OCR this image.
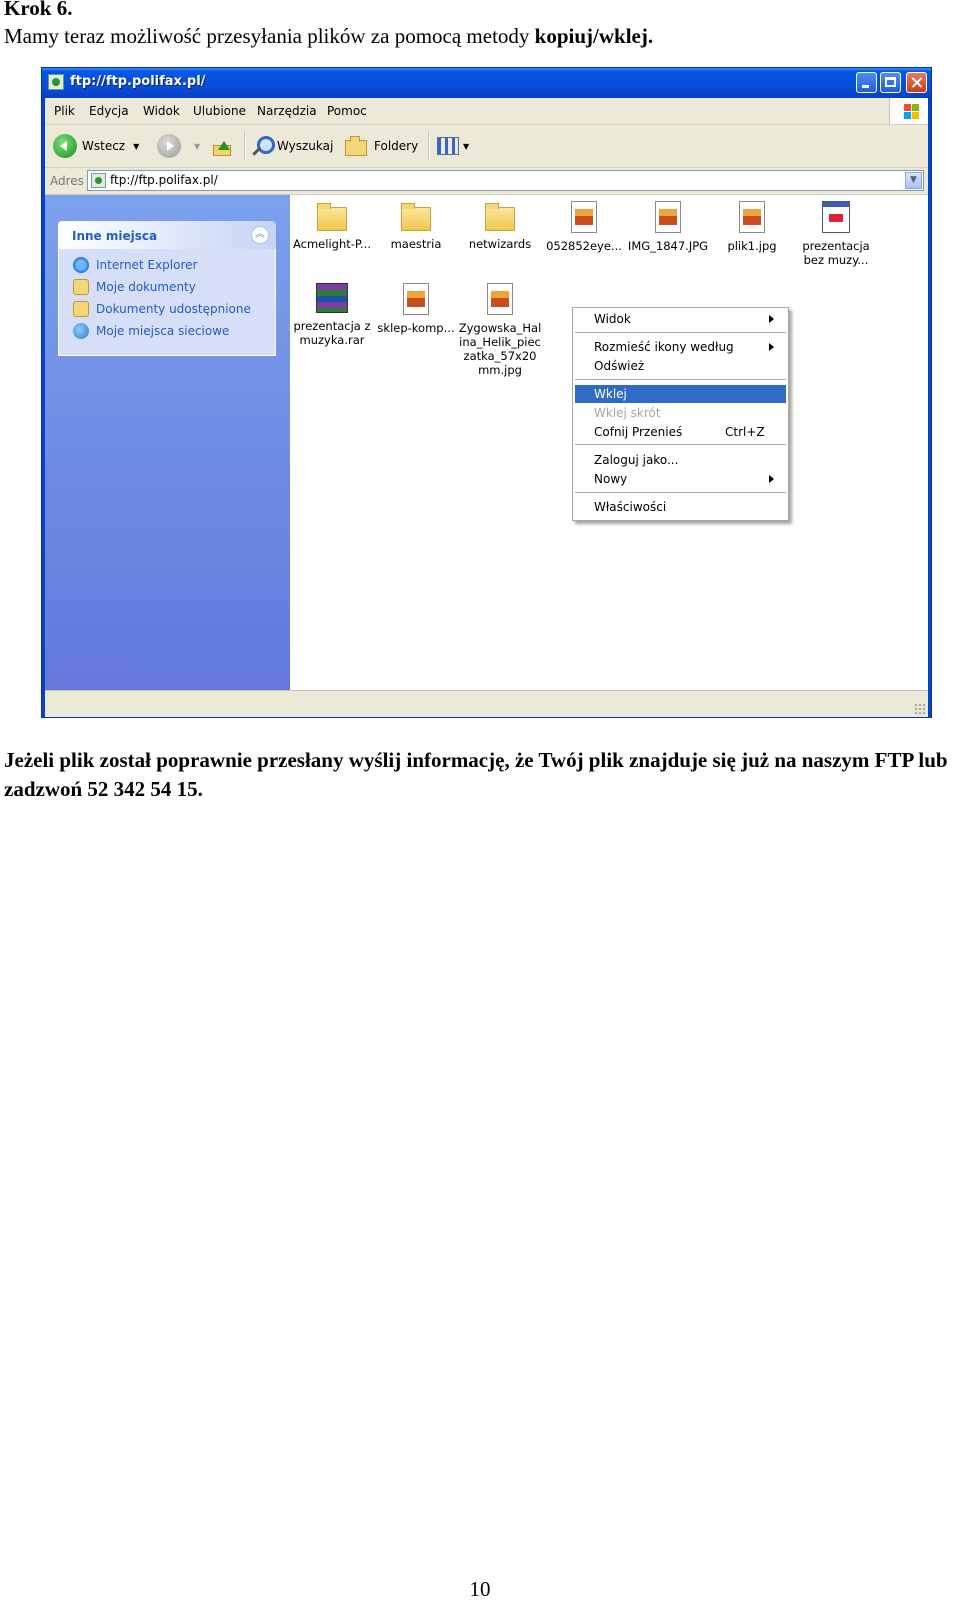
Krok 6.
Mamy teraz możliwość przesyłania plików za pomocą metody kopiuj/wklej.
ftp://ftp.polifax.pl/
Plik Edycja Widok Ulubione Narzędzia Pomoc
Wstecz ▼	▼	Wyszukaj	Foldery	▼
Adres ftp://ftp.polifax.pl/	▼
Inne miejsca	︽
Internet Explorer
Moje dokumenty
Dokumenty udostępnione
Moje miejsca sieciowe
Acmelight-P...	maestria	netwizards	052852eye... IMG_1847.JPG	plik1.jpg	prezentacja bez muzy...
prezentacja z muzyka.rar
sklep-komp... Zygowska_Halina_Helik_pieczatka_57x20mm.jpg
Widok
Rozmieść ikony według
Odśwież
Wklej
Wklej skrót
Cofnij Przenieś	Ctrl+Z
Zaloguj jako...
Nowy
Właściwości
Jeżeli plik został poprawnie przesłany wyślij informację, że Twój plik znajduje się już na naszym FTP lub zadzwoń 52 342 54 15.
10
